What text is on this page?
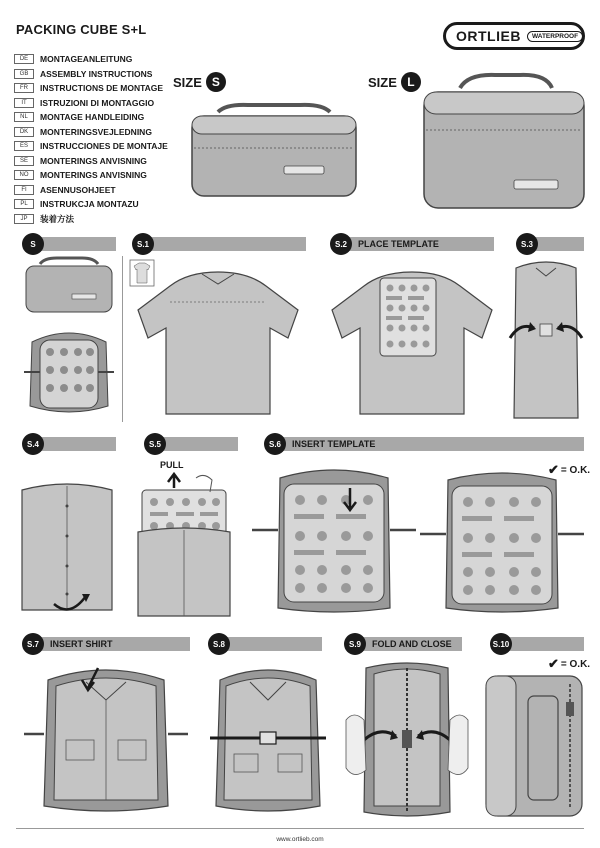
PACKING CUBE S+L	ORTLIEB	WATERPROOF
DE	MONTAGEANLEITUNG
GB	ASSEMBLY INSTRUCTIONS
FR	INSTRUCTIONS DE MONTAGE
IT	ISTRUZIONI DI MONTAGGIO
NL	MONTAGE HANDLEIDING
DK	MONTERINGSVEJLEDNING
ES	INSTRUCCIONES DE MONTAJE
SE	MONTERINGS ANVISNING
NO	MONTERINGS ANVISNING
FI	ASENNUSOHJEET
PL	INSTRUKCJA MONTAZU
JP	装着方法
SIZE S	SIZE L
S	S.1	S.2	PLACE TEMPLATE	S.3
S.4	S.5	S.6	INSERT TEMPLATE
✔ = O.K.
PULL
S.7	INSERT SHIRT	S.8	S.9	FOLD AND CLOSE	S.10
✔ = O.K.
www.ortlieb.com
